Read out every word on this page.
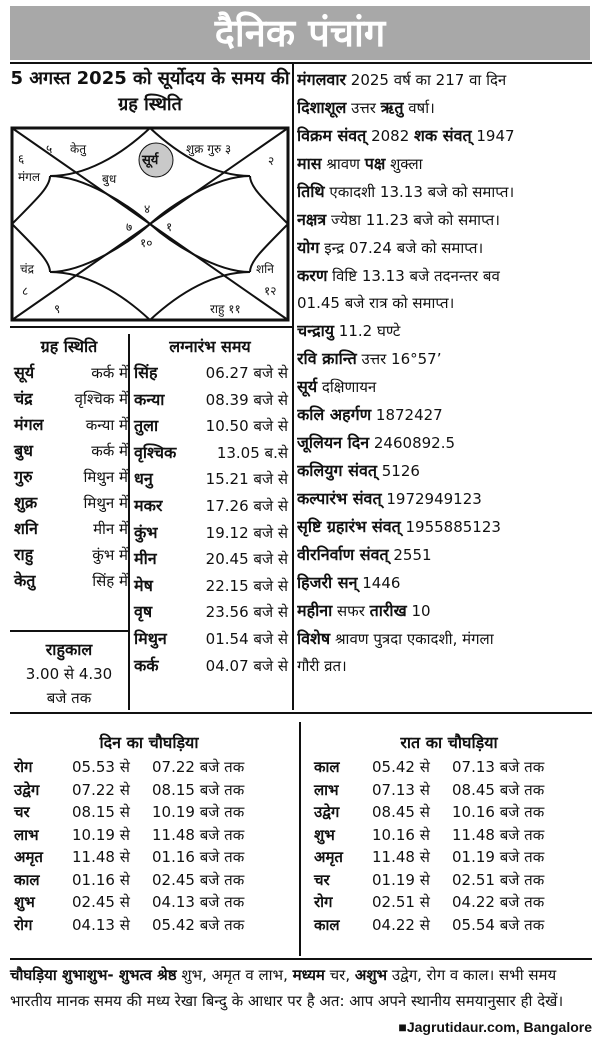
दैनिक पंचांग
5 अगस्त 2025 को सूर्योदय के समय की ग्रह स्थिति
सूर्य
५ केतु
६
मंगल	बुध
शुक्र गुरु ३
२
४
७	१
१०
चंद्र	शनि
८	१२
९	राहु ११
मंगलवार 2025 वर्ष का 217 वा दिन
दिशाशूल उत्तर ऋतु वर्षा।
विक्रम संवत् 2082 शक संवत् 1947
मास श्रावण पक्ष शुक्ला
तिथि एकादशी 13.13 बजे को समाप्त।
नक्षत्र ज्येष्ठा 11.23 बजे को समाप्त।
योग इन्द्र 07.24 बजे को समाप्त।
करण विष्टि 13.13 बजे तदनन्तर बव
01.45 बजे रात्र को समाप्त।
चन्द्रायु 11.2 घण्टे
रवि क्रान्ति उत्तर 16°57’
सूर्य दक्षिणायन
कलि अहर्गण 1872427
जूलियन दिन 2460892.5
कलियुग संवत् 5126
कल्पारंभ संवत् 1972949123
सृष्टि ग्रहारंभ संवत् 1955885123
वीरनिर्वाण संवत् 2551
हिजरी सन् 1446
महीना सफर तारीख 10
विशेष श्रावण पुत्रदा एकादशी, मंगला
गौरी व्रत।
ग्रह स्थिति
सूर्य	कर्क में
चंद्र	वृश्चिक में
मंगल	कन्या में
बुध	कर्क में
गुरु	मिथुन में
शुक्र	मिथुन में
शनि	मीन में
राहु	कुंभ में
केतु	सिंह में
लग्नारंभ समय
सिंह	06.27 बजे से
कन्या	08.39 बजे से
तुला	10.50 बजे से
वृश्चिक	13.05 ब.से
धनु	15.21 बजे से
मकर	17.26 बजे से
कुंभ	19.12 बजे से
मीन	20.45 बजे से
मेष	22.15 बजे से
वृष	23.56 बजे से
मिथुन	01.54 बजे से
कर्क	04.07 बजे से
राहुकाल
3.00 से 4.30
बजे तक
दिन का चौघड़िया
रोग	05.53 से	07.22 बजे तक
उद्वेग	07.22 से	08.15 बजे तक
चर	08.15 से	10.19 बजे तक
लाभ	10.19 से	11.48 बजे तक
अमृत	11.48 से	01.16 बजे तक
काल	01.16 से	02.45 बजे तक
शुभ	02.45 से	04.13 बजे तक
रोग	04.13 से	05.42 बजे तक
रात का चौघड़िया
काल	05.42 से	07.13 बजे तक
लाभ	07.13 से	08.45 बजे तक
उद्वेग	08.45 से	10.16 बजे तक
शुभ	10.16 से	11.48 बजे तक
अमृत	11.48 से	01.19 बजे तक
चर	01.19 से	02.51 बजे तक
रोग	02.51 से	04.22 बजे तक
काल	04.22 से	05.54 बजे तक
चौघड़िया शुभाशुभ- शुभत्व श्रेष्ठ शुभ, अमृत व लाभ, मध्यम चर, अशुभ उद्वेग, रोग व काल। सभी समय भारतीय मानक समय की मध्य रेखा बिन्दु के आधार पर है अत: आप अपने स्थानीय समयानुसार ही देखें।
■Jagrutidaur.com, Bangalore
